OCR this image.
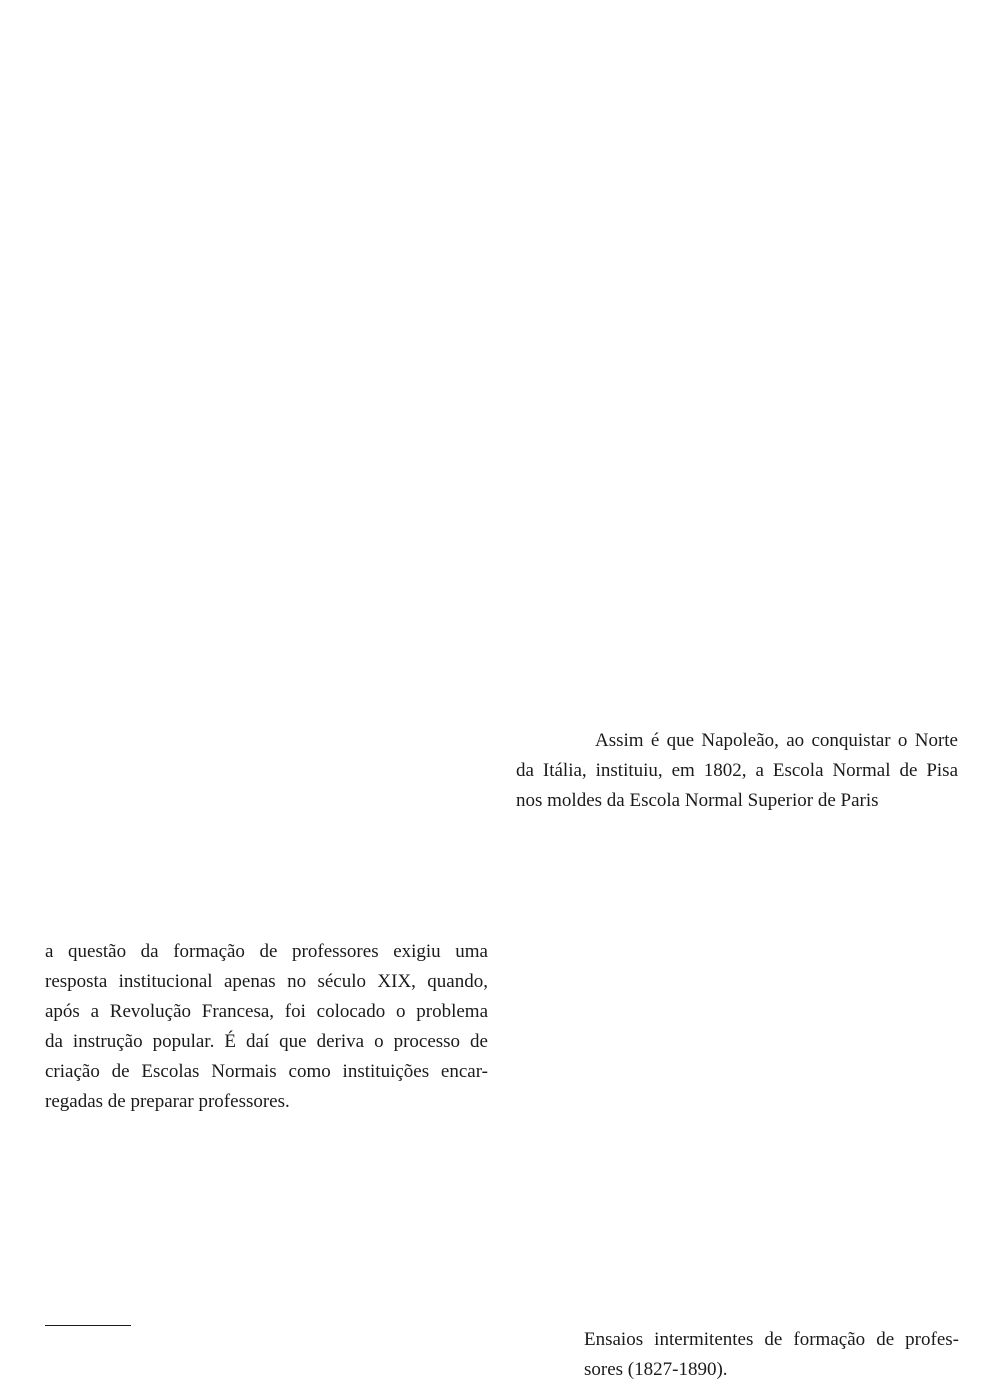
Assim é que Napoleão, ao conquistar o Norte
da Itália, instituiu, em 1802, a Escola Normal de Pisa
nos moldes da Escola Normal Superior de Paris
a questão da formação de professores exigiu uma
resposta institucional apenas no século XIX, quando,
após a Revolução Francesa, foi colocado o problema
da instrução popular. É daí que deriva o processo de
criação de Escolas Normais como instituições encar-
regadas de preparar professores.
Ensaios intermitentes de formação de profes-
sores (1827-1890).
